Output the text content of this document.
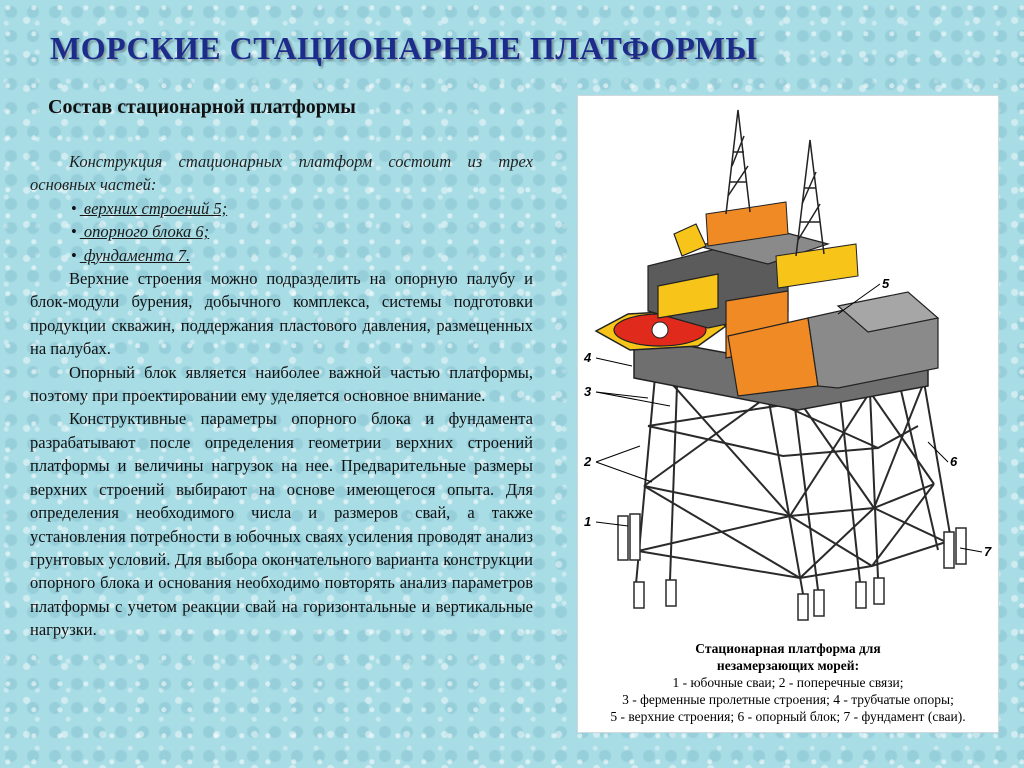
МОРСКИЕ СТАЦИОНАРНЫЕ ПЛАТФОРМЫ
Состав стационарной платформы

Конструкция стационарных платформ состоит из трех основных частей:

• верхних строений 5;
• опорного блока 6;
• фундамента 7.

Верхние строения можно подразделить на опорную палубу и блок-модули бурения, добычного комплекса, системы подготовки продукции скважин, поддержания пластового давления, размещенных на палубах.

Опорный блок является наиболее важной частью платформы, поэтому при проектировании ему уделяется основное внимание.

Конструктивные параметры опорного блока и фундамента разрабатывают после определения геометрии верхних строений платформы и величины нагрузок на нее. Предварительные размеры верхних строений выбирают на основе имеющегося опыта. Для определения необходимого числа и размеров свай, а также установления потребности в юбочных сваях усиления проводят анализ грунтовых условий. Для выбора окончательного варианта конструкции опорного блока и основания необходимо повторять анализ параметров платформы с учетом реакции свай на горизонтальные и вертикальные нагрузки.

5
4
3
2	6
1
7
Стационарная платформа для
незамерзающих морей:
1 - юбочные сваи; 2 - поперечные связи;
3 - ферменные пролетные строения; 4 - трубчатые опоры;
5 - верхние строения; 6 - опорный блок; 7 - фундамент (сваи).
